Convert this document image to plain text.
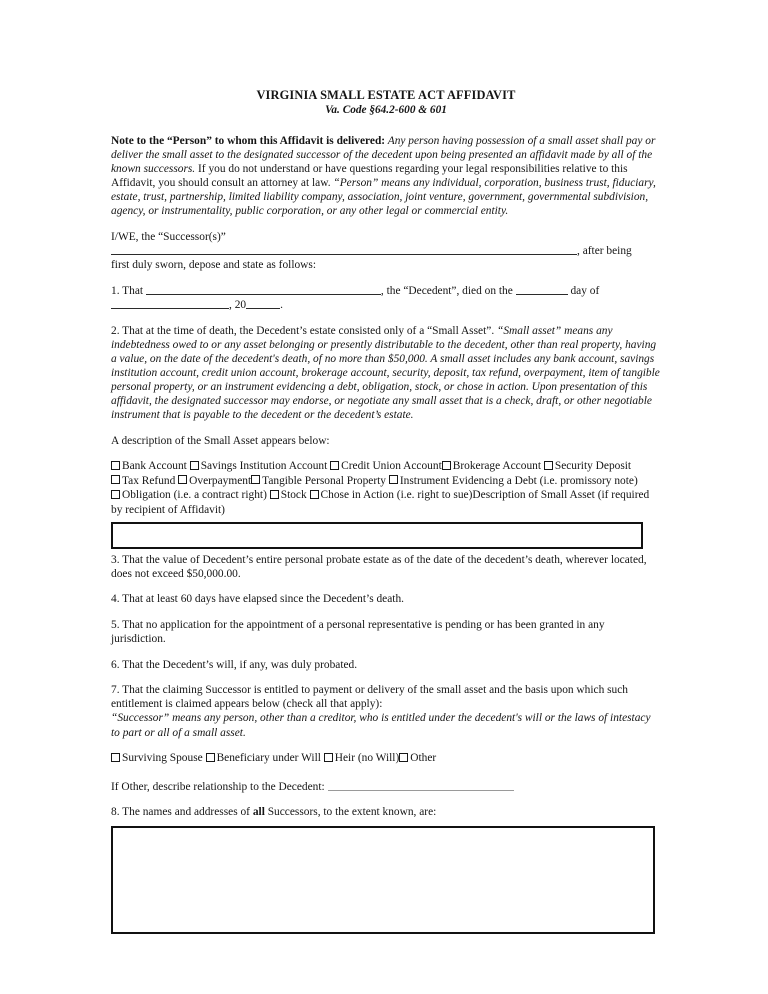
VIRGINIA SMALL ESTATE ACT AFFIDAVIT
Va. Code §64.2-600 & 601

Note to the “Person” to whom this Affidavit is delivered: Any person having possession of a small asset shall pay or deliver the small asset to the designated successor of the decedent upon being presented an affidavit made by all of the known successors. If you do not understand or have questions regarding your legal responsibilities relative to this Affidavit, you should consult an attorney at law. “Person” means any individual, corporation, business trust, fiduciary, estate, trust, partnership, limited liability company, association, joint venture, government, governmental subdivision, agency, or instrumentality, public corporation, or any other legal or commercial entity.

I/WE, the “Successor(s)”

, after being

first duly sworn, depose and state as follows:

1. That	, the “Decedent”, died on the	day of
, 20	.

2. That at the time of death, the Decedent’s estate consisted only of a “Small Asset”. “Small asset” means any indebtedness owed to or any asset belonging or presently distributable to the decedent, other than real property, having a value, on the date of the decedent's death, of no more than $50,000. A small asset includes any bank account, savings institution account, credit union account, brokerage account, security, deposit, tax refund, overpayment, item of tangible personal property, or an instrument evidencing a debt, obligation, stock, or chose in action. Upon presentation of this affidavit, the designated successor may endorse, or negotiate any small asset that is a check, draft, or other negotiable instrument that is payable to the decedent or the decedent’s estate.

A description of the Small Asset appears below:

Bank Account Savings Institution Account Credit Union Account Brokerage Account Security Deposit Tax Refund Overpayment Tangible Personal Property Instrument Evidencing a Debt (i.e. promissory note)Obligation (i.e. a contract right) Stock Chose in Action (i.e. right to sue)Description of Small Asset (if required by recipient of Affidavit)

3. That the value of Decedent’s entire personal probate estate as of the date of the decedent’s death, wherever located, does not exceed $50,000.00.

4. That at least 60 days have elapsed since the Decedent’s death.

5. That no application for the appointment of a personal representative is pending or has been granted in any jurisdiction.

6. That the Decedent’s will, if any, was duly probated.

7. That the claiming Successor is entitled to payment or delivery of the small asset and the basis upon which such entitlement is claimed appears below (check all that apply):

“Successor” means any person, other than a creditor, who is entitled under the decedent's will or the laws of intestacy to part or all of a small asset.

Surviving Spouse Beneficiary under Will Heir (no Will) Other

If Other, describe relationship to the Decedent:

8. The names and addresses of all Successors, to the extent known, are:
